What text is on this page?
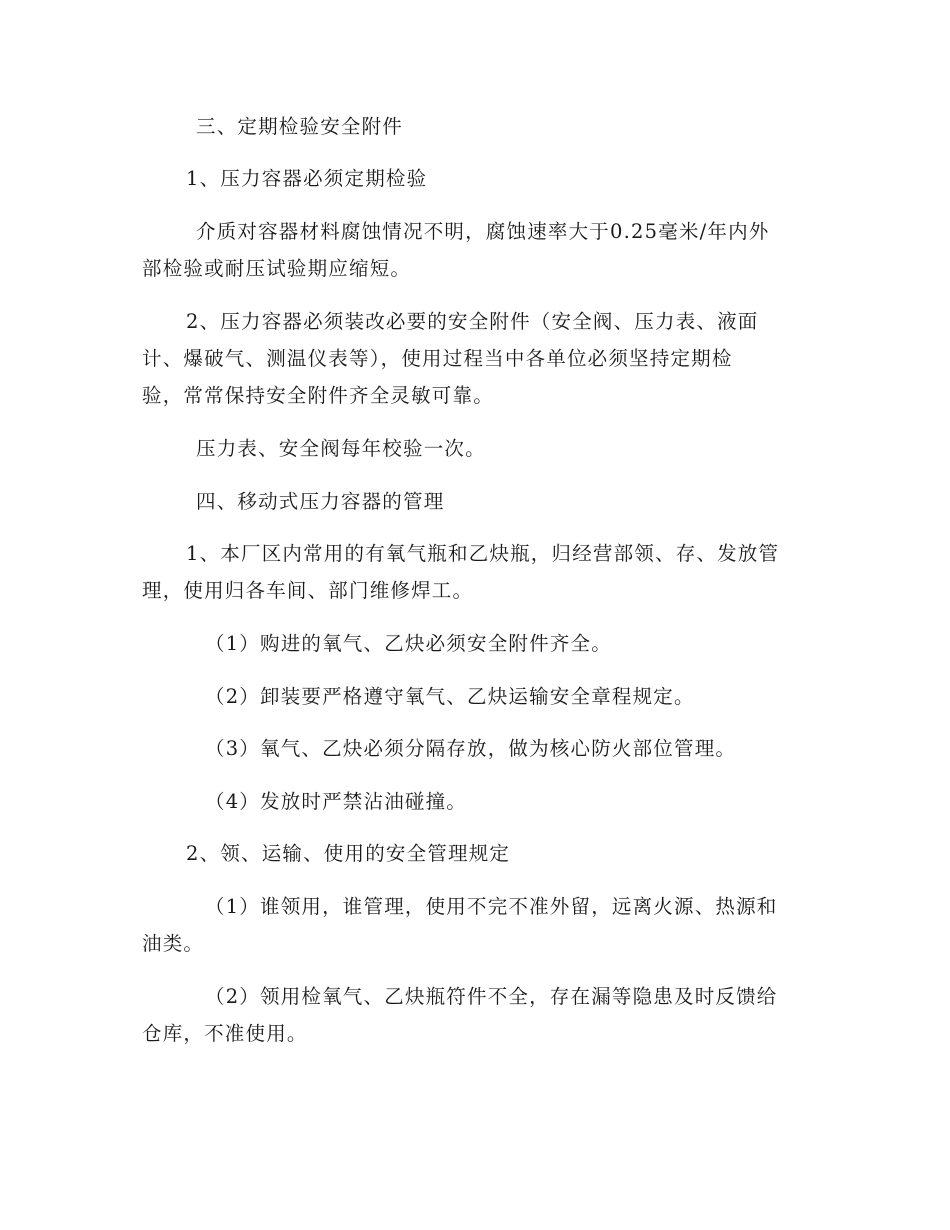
三、定期检验安全附件
1、压力容器必须定期检验
介质对容器材料腐蚀情况不明，腐蚀速率大于0.25毫米/年内外
部检验或耐压试验期应缩短。
2、压力容器必须装改必要的安全附件（安全阀、压力表、液面
计、爆破气、测温仪表等），使用过程当中各单位必须坚持定期检
验，常常保持安全附件齐全灵敏可靠。
压力表、安全阀每年校验一次。
四、移动式压力容器的管理
1、本厂区内常用的有氧气瓶和乙炔瓶，归经营部领、存、发放管
理，使用归各车间、部门维修焊工。
（1）购进的氧气、乙炔必须安全附件齐全。
（2）卸装要严格遵守氧气、乙炔运输安全章程规定。
（3）氧气、乙炔必须分隔存放，做为核心防火部位管理。
（4）发放时严禁沾油碰撞。
2、领、运输、使用的安全管理规定
（1）谁领用，谁管理，使用不完不准外留，远离火源、热源和
油类。
（2）领用检氧气、乙炔瓶符件不全，存在漏等隐患及时反馈给
仓库，不准使用。
